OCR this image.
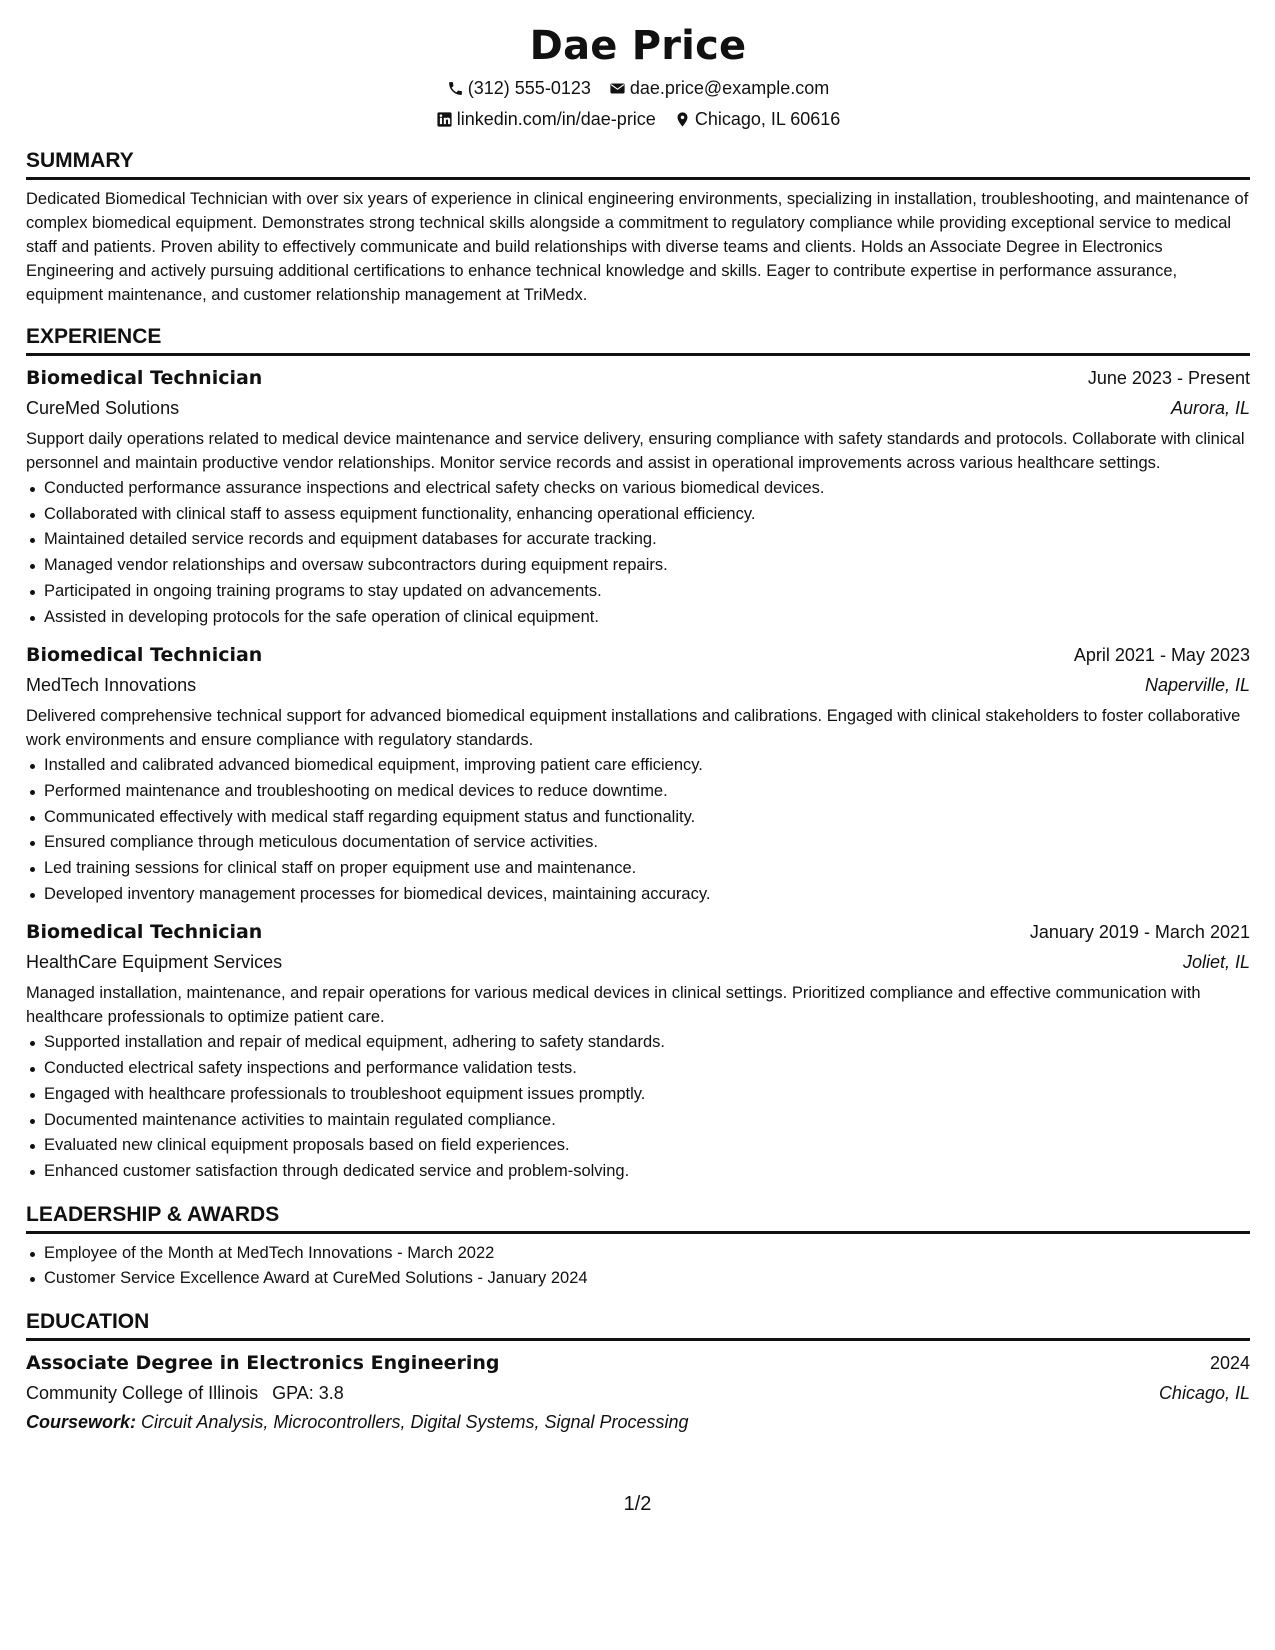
Dae Price
(312) 555-0123 dae.price@example.com
linkedin.com/in/dae-price Chicago, IL 60616
SUMMARY
Dedicated Biomedical Technician with over six years of experience in clinical engineering environments, specializing in installation, troubleshooting, and maintenance of complex biomedical equipment. Demonstrates strong technical skills alongside a commitment to regulatory compliance while providing exceptional service to medical staff and patients. Proven ability to effectively communicate and build relationships with diverse teams and clients. Holds an Associate Degree in Electronics Engineering and actively pursuing additional certifications to enhance technical knowledge and skills. Eager to contribute expertise in performance assurance, equipment maintenance, and customer relationship management at TriMedx.
EXPERIENCE
Biomedical Technician	June 2023 - Present
CureMed Solutions	Aurora, IL
Support daily operations related to medical device maintenance and service delivery, ensuring compliance with safety standards and protocols. Collaborate with clinical personnel and maintain productive vendor relationships. Monitor service records and assist in operational improvements across various healthcare settings.
Conducted performance assurance inspections and electrical safety checks on various biomedical devices.
Collaborated with clinical staff to assess equipment functionality, enhancing operational efficiency.
Maintained detailed service records and equipment databases for accurate tracking.
Managed vendor relationships and oversaw subcontractors during equipment repairs.
Participated in ongoing training programs to stay updated on advancements.
Assisted in developing protocols for the safe operation of clinical equipment.
Biomedical Technician	April 2021 - May 2023
MedTech Innovations	Naperville, IL
Delivered comprehensive technical support for advanced biomedical equipment installations and calibrations. Engaged with clinical stakeholders to foster collaborative work environments and ensure compliance with regulatory standards.
Installed and calibrated advanced biomedical equipment, improving patient care efficiency.
Performed maintenance and troubleshooting on medical devices to reduce downtime.
Communicated effectively with medical staff regarding equipment status and functionality.
Ensured compliance through meticulous documentation of service activities.
Led training sessions for clinical staff on proper equipment use and maintenance.
Developed inventory management processes for biomedical devices, maintaining accuracy.
Biomedical Technician	January 2019 - March 2021
HealthCare Equipment Services	Joliet, IL
Managed installation, maintenance, and repair operations for various medical devices in clinical settings. Prioritized compliance and effective communication with healthcare professionals to optimize patient care.
Supported installation and repair of medical equipment, adhering to safety standards.
Conducted electrical safety inspections and performance validation tests.
Engaged with healthcare professionals to troubleshoot equipment issues promptly.
Documented maintenance activities to maintain regulated compliance.
Evaluated new clinical equipment proposals based on field experiences.
Enhanced customer satisfaction through dedicated service and problem-solving.
LEADERSHIP & AWARDS
Employee of the Month at MedTech Innovations - March 2022
Customer Service Excellence Award at CureMed Solutions - January 2024
EDUCATION
Associate Degree in Electronics Engineering	2024
Community College of Illinois GPA: 3.8	Chicago, IL
Coursework: Circuit Analysis, Microcontrollers, Digital Systems, Signal Processing
1/2
